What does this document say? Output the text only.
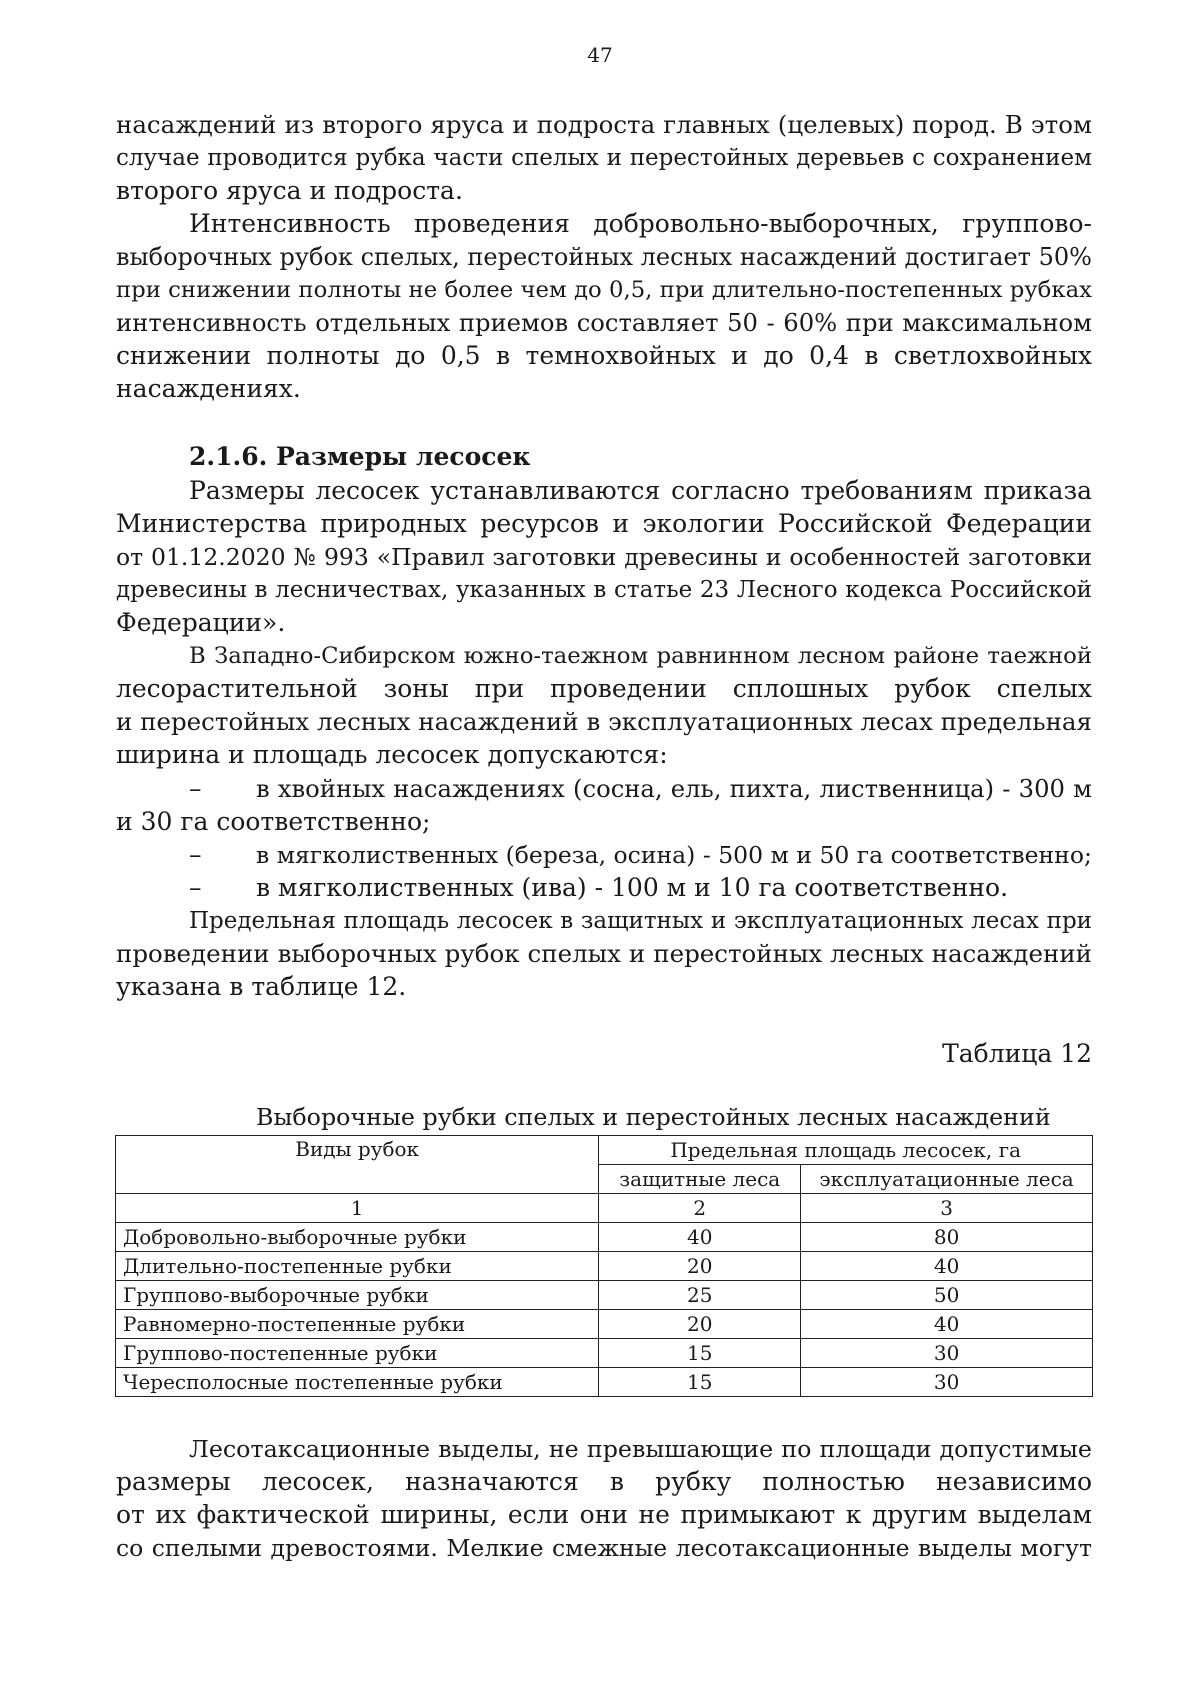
47
насаждений из второго яруса и подроста главных (целевых) пород. В этом
случае проводится рубка части спелых и перестойных деревьев с сохранением
второго яруса и подроста.
Интенсивность проведения добровольно-выборочных, группово-
выборочных рубок спелых, перестойных лесных насаждений достигает 50%
при снижении полноты не более чем до 0,5, при длительно-постепенных рубках
интенсивность отдельных приемов составляет 50 - 60% при максимальном
снижении полноты до 0,5 в темнохвойных и до 0,4 в светлохвойных
насаждениях.
2.1.6. Размеры лесосек
Размеры лесосек устанавливаются согласно требованиям приказа
Министерства природных ресурсов и экологии Российской Федерации
от 01.12.2020 № 993 «Правил заготовки древесины и особенностей заготовки
древесины в лесничествах, указанных в статье 23 Лесного кодекса Российской
Федерации».
В Западно-Сибирском южно-таежном равнинном лесном районе таежной
лесорастительной зоны при проведении сплошных рубок спелых
и перестойных лесных насаждений в эксплуатационных лесах предельная
ширина и площадь лесосек допускаются:
–	в хвойных насаждениях (сосна, ель, пихта, лиственница) - 300 м
и 30 га соответственно;
–	в мягколиственных (береза, осина) - 500 м и 50 га соответственно;
–	в мягколиственных (ива) - 100 м и 10 га соответственно.
Предельная площадь лесосек в защитных и эксплуатационных лесах при
проведении выборочных рубок спелых и перестойных лесных насаждений
указана в таблице 12.
Таблица 12
Выборочные рубки спелых и перестойных лесных насаждений
Виды рубок	Предельная площадь лесосек, га	
	защитные леса	эксплуатационные леса
1	2	3
Добровольно-выборочные рубки	40	80
Длительно-постепенные рубки	20	40
Группово-выборочные рубки	25	50
Равномерно-постепенные рубки	20	40
Группово-постепенные рубки	15	30
Чересполосные постепенные рубки	15	30
Лесотаксационные выделы, не превышающие по площади допустимые
размеры лесосек, назначаются в рубку полностью независимо
от их фактической ширины, если они не примыкают к другим выделам
со спелыми древостоями. Мелкие смежные лесотаксационные выделы могут
